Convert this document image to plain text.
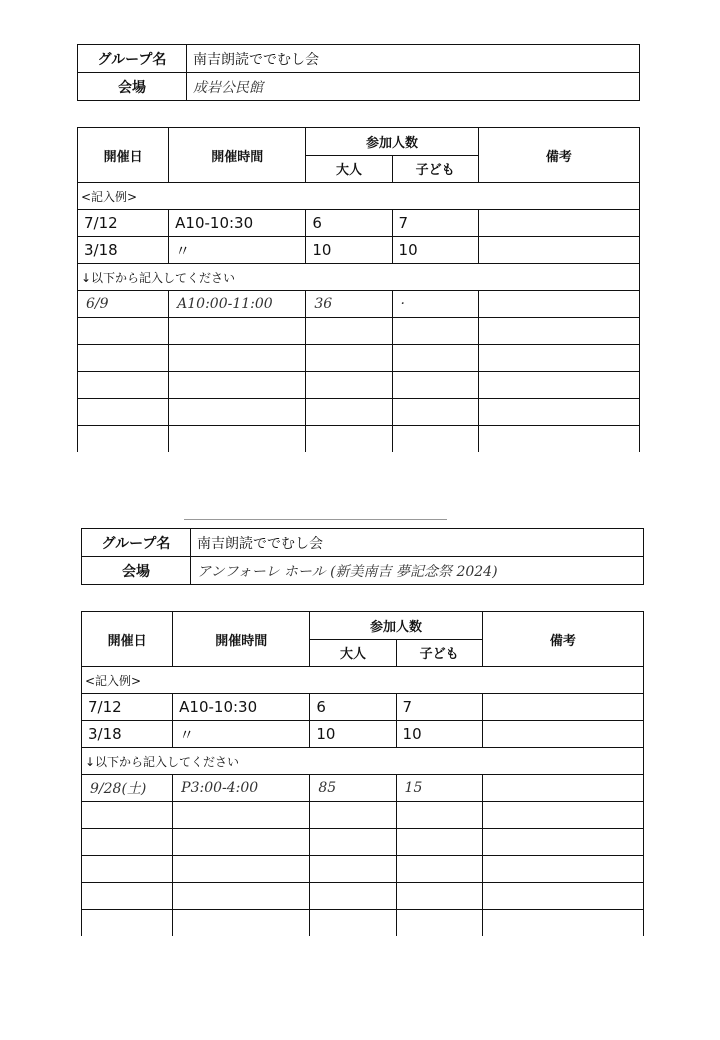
グループ名	南吉朗読ででむし会
会場	成岩公民館
開催日	開催時間	参加人数		備考
		大人	子ども	
<記入例>				
7/12	A10-10:30	6	7	
3/18	〃	10	10	
↓以下から記入してください				
6/9	A10:00-11:00	36	·	

グループ名	南吉朗読ででむし会
会場	アンフォーレ ホール (新美南吉 夢記念祭 2024)
開催日	開催時間	参加人数		備考
		大人	子ども	
<記入例>				
7/12	A10-10:30	6	7	
3/18	〃	10	10	
↓以下から記入してください				
9/28(土)	P3:00-4:00	85	15	
